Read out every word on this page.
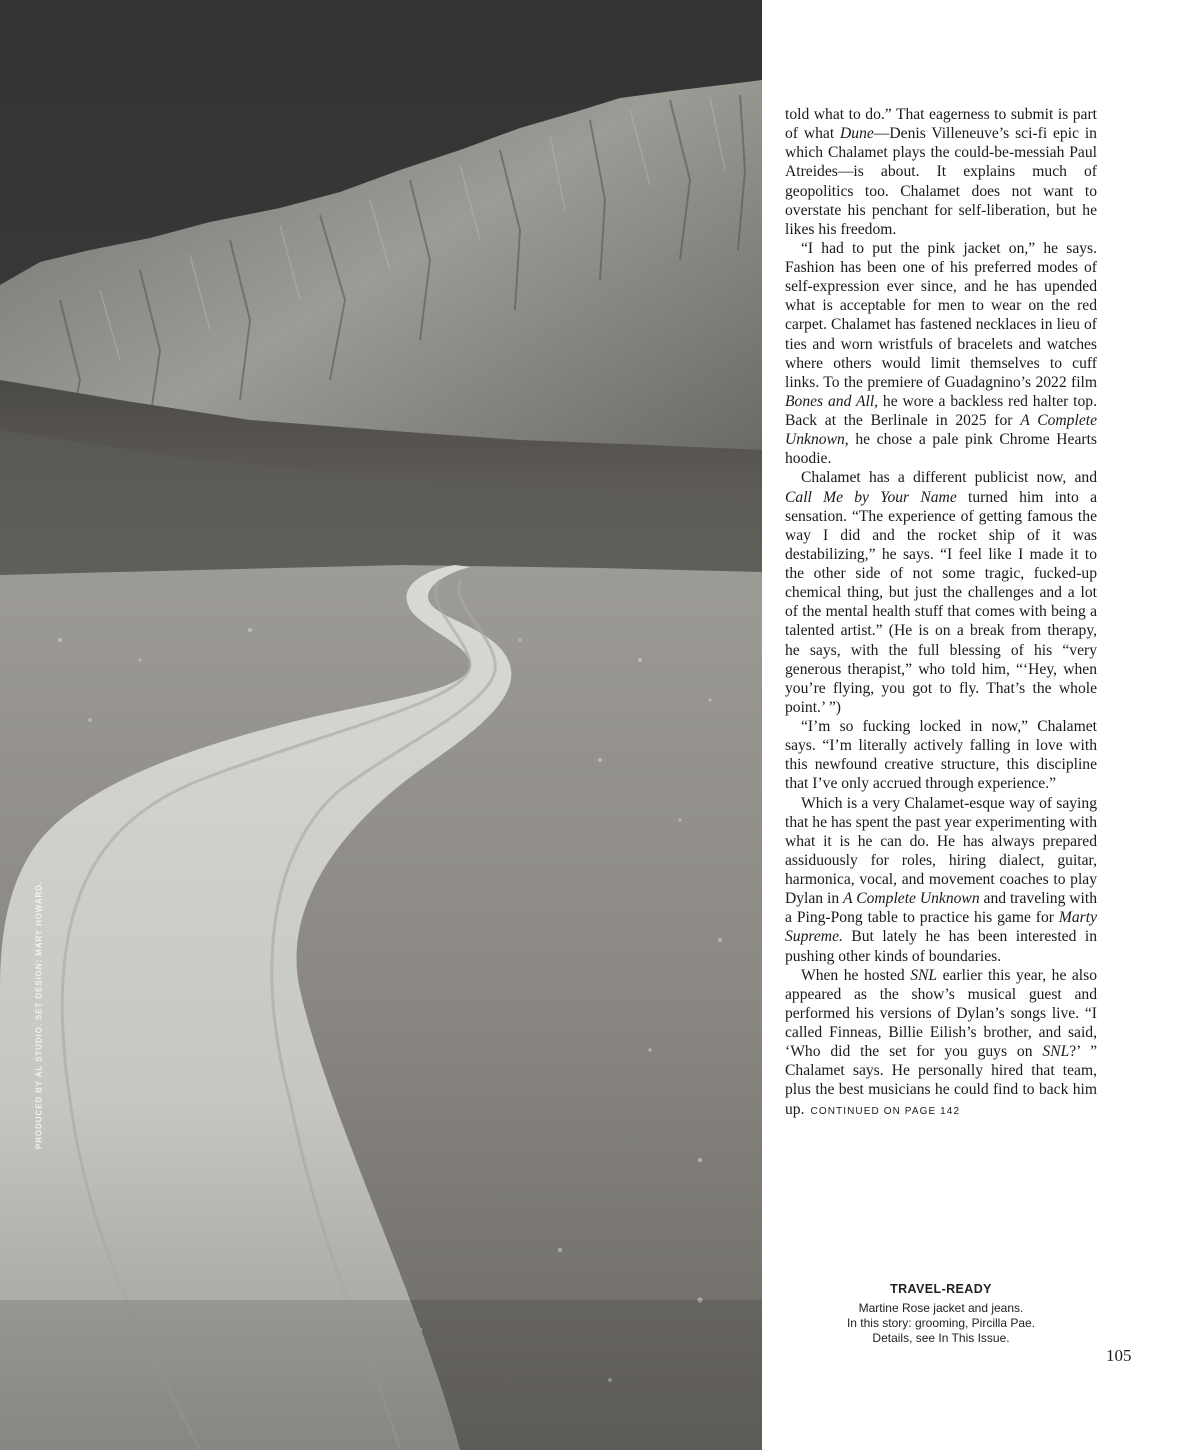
PRODUCED BY AL STUDIO. SET DESIGN: MARY HOWARD.

told what to do.” That eagerness to submit is part of what Dune—Denis Villeneuve’s sci-fi epic in which Chalamet plays the could-be-messiah Paul Atreides—is about. It explains much of geopolitics too. Chalamet does not want to overstate his penchant for self-liberation, but he likes his freedom.

“I had to put the pink jacket on,” he says. Fashion has been one of his preferred modes of self-expression ever since, and he has upended what is acceptable for men to wear on the red carpet. Chalamet has fastened necklaces in lieu of ties and worn wristfuls of bracelets and watches where others would limit themselves to cuff links. To the premiere of Guadagnino’s 2022 film Bones and All, he wore a backless red halter top. Back at the Berlinale in 2025 for A Complete Unknown, he chose a pale pink Chrome Hearts hoodie.

Chalamet has a different publicist now, and Call Me by Your Name turned him into a sensation. “The experience of getting famous the way I did and the rocket ship of it was destabilizing,” he says. “I feel like I made it to the other side of not some tragic, fucked-up chemical thing, but just the challenges and a lot of the mental health stuff that comes with being a talented artist.” (He is on a break from therapy, he says, with the full blessing of his “very generous therapist,” who told him, “‘Hey, when you’re flying, you got to fly. That’s the whole point.’ ”)

“I’m so fucking locked in now,” Chalamet says. “I’m literally actively falling in love with this newfound creative structure, this discipline that I’ve only accrued through experience.”

Which is a very Chalamet-esque way of saying that he has spent the past year experimenting with what it is he can do. He has always prepared assiduously for roles, hiring dialect, guitar, harmonica, vocal, and movement coaches to play Dylan in A Complete Unknown and traveling with a Ping-Pong table to practice his game for Marty Supreme. But lately he has been interested in pushing other kinds of boundaries.

When he hosted SNL earlier this year, he also appeared as the show’s musical guest and performed his versions of Dylan’s songs live. “I called Finneas, Billie Eilish’s brother, and said, ‘Who did the set for you guys on SNL?’ ” Chalamet says. He personally hired that team, plus the best musicians he could find to back him up. CONTINUED ON PAGE 142

TRAVEL-READY
Martine Rose jacket and jeans.
In this story: grooming, Pircilla Pae.
Details, see In This Issue.
105
